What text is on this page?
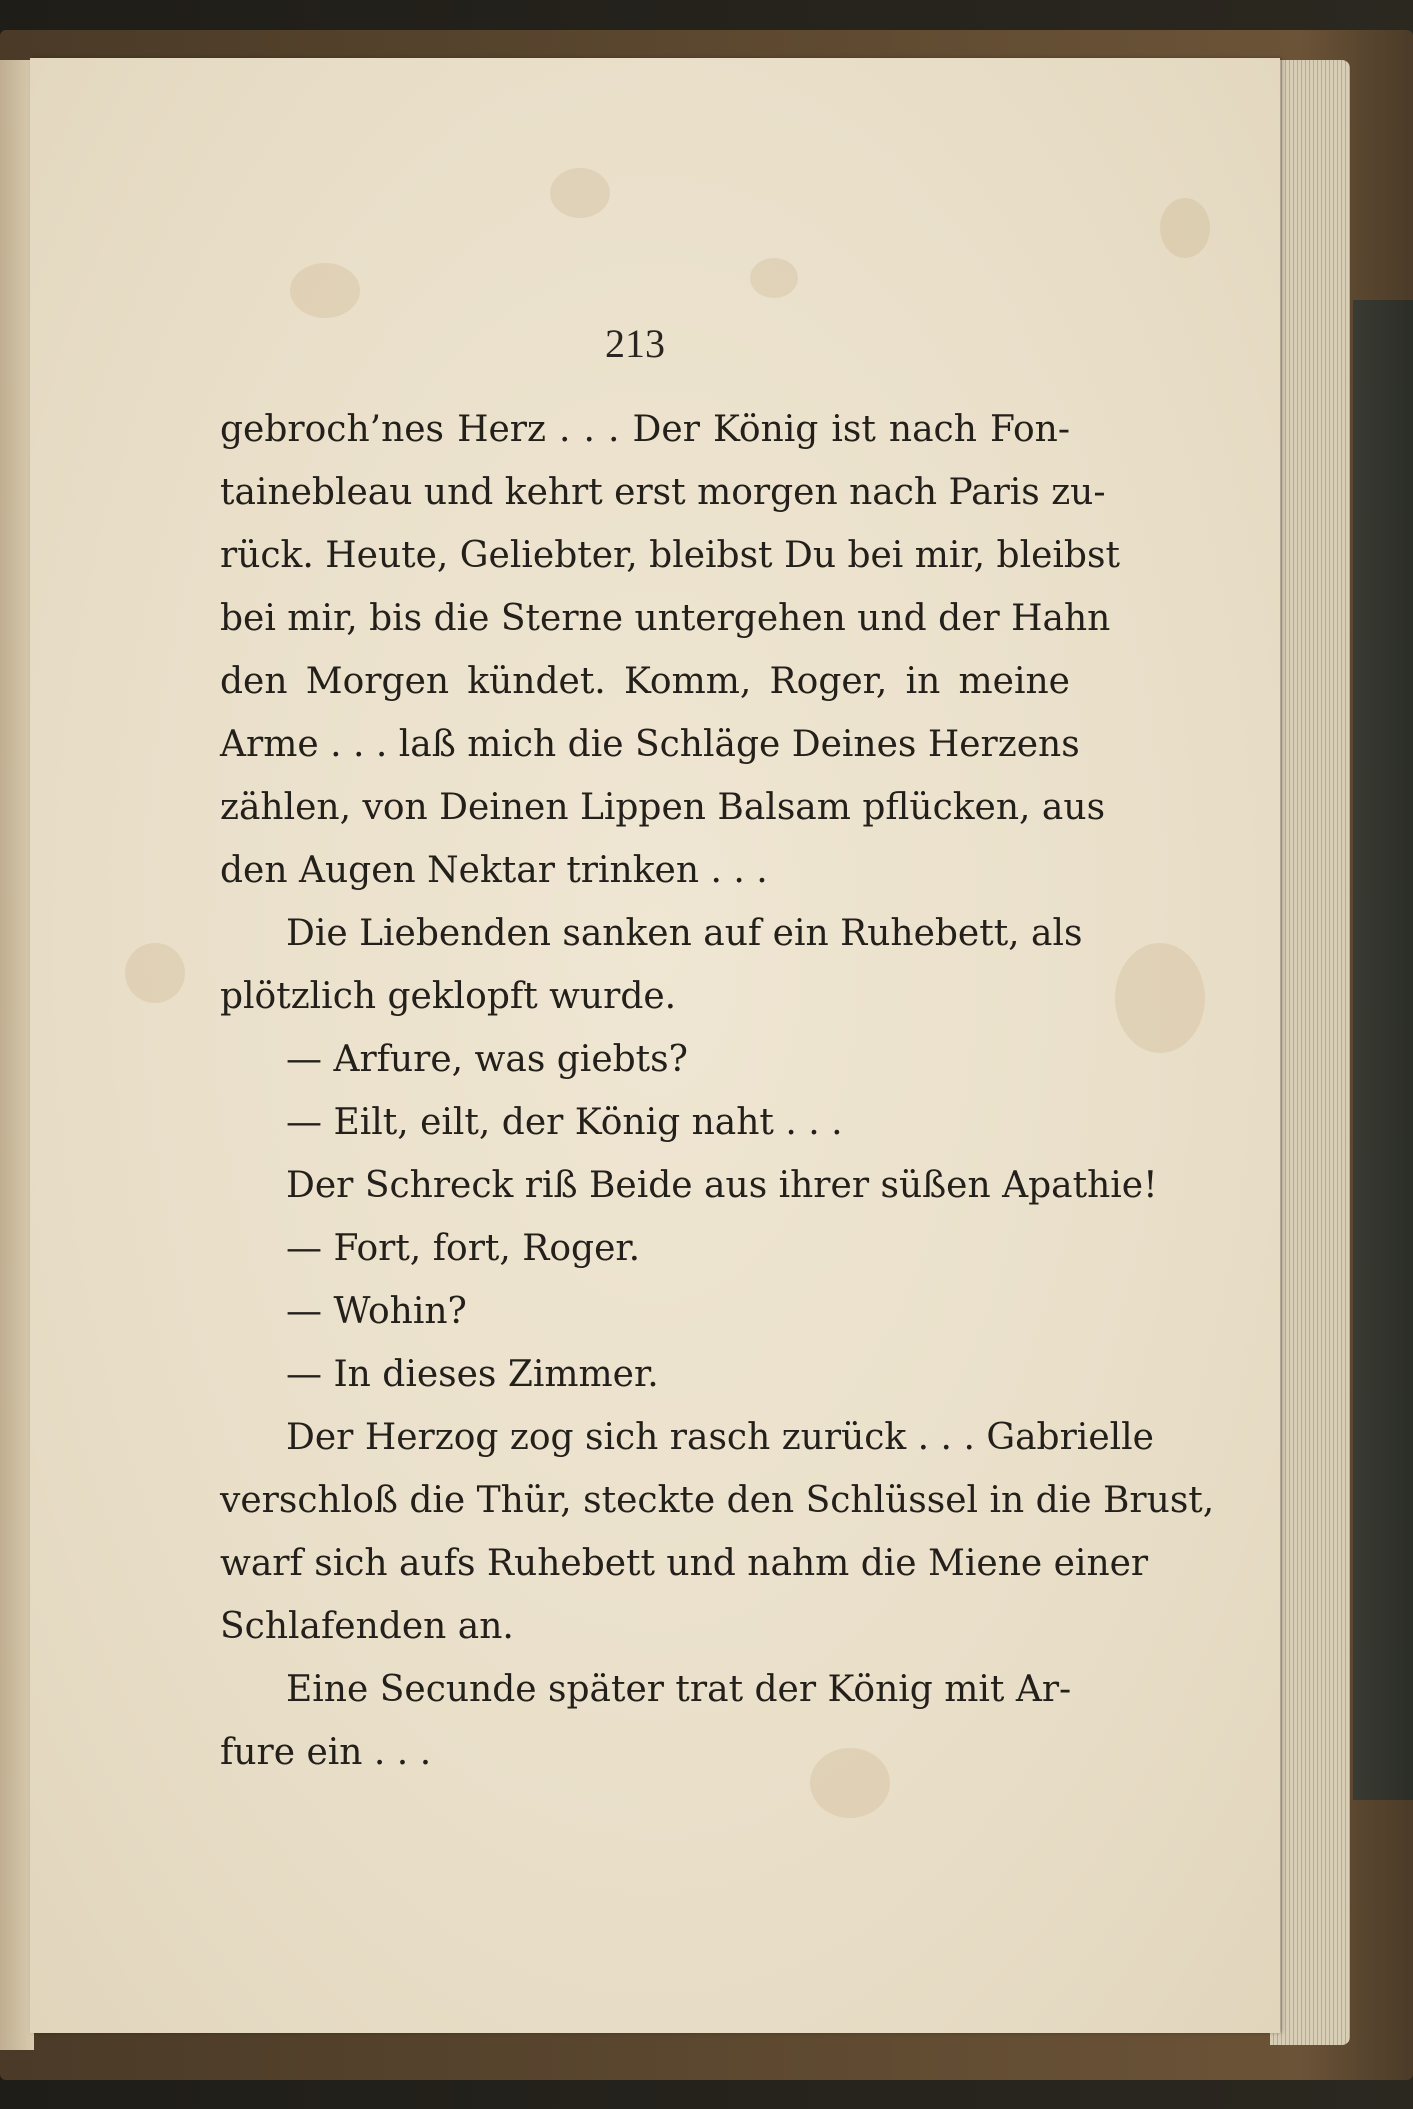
213
gebroch’nes Herz . . . Der König ist nach Fon-
tainebleau und kehrt erst morgen nach Paris zu-
rück. Heute, Geliebter, bleibst Du bei mir, bleibst
bei mir, bis die Sterne untergehen und der Hahn
den Morgen kündet. Komm, Roger, in meine
Arme . . . laß mich die Schläge Deines Herzens
zählen, von Deinen Lippen Balsam pflücken, aus
den Augen Nektar trinken . . .
Die Liebenden sanken auf ein Ruhebett, als
plötzlich geklopft wurde.
— Arfure, was giebts?
— Eilt, eilt, der König naht . . .
Der Schreck riß Beide aus ihrer süßen Apathie!
— Fort, fort, Roger.
— Wohin?
— In dieses Zimmer.
Der Herzog zog sich rasch zurück . . . Gabrielle
verschloß die Thür, steckte den Schlüssel in die Brust,
warf sich aufs Ruhebett und nahm die Miene einer
Schlafenden an.
Eine Secunde später trat der König mit Ar-
fure ein . . .
